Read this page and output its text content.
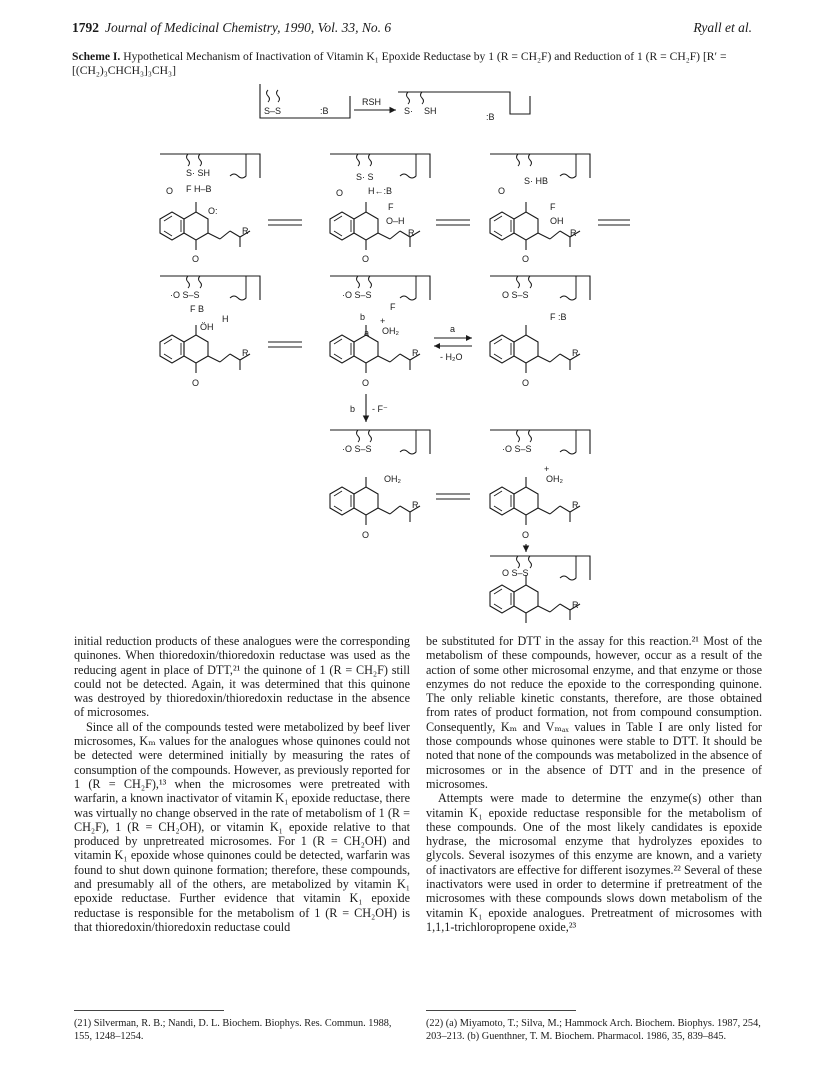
1792 Journal of Medicinal Chemistry, 1990, Vol. 33, No. 6	Ryall et al.
Scheme I. Hypothetical Mechanism of Inactivation of Vitamin K₁ Epoxide Reductase by 1 (R = CH₂F) and Reduction of 1 (R = CH₂F) [R′ = [(CH₂)₃CHCH₃]₃CH₃]
S–S	:B
RSH
S· SH
:B
S· SH
F H–B
O
O:
R
O
S· S
H←:B
O
F
O–H
R
O
S· HB
O
F
OH
R
O
·O S–S
F B
ÖH
H
R
O
·O S–S
F
b
a OH₂
+
R
O
a
- H₂O
O S–S
F :B
R
O
b - F⁻
·O S–S
OH₂
R
O
·O S–S
OH₂
+
R
O
O S–S
R

initial reduction products of these analogues were the corresponding quinones. When thioredoxin/thioredoxin reductase was used as the reducing agent in place of DTT,²¹ the quinone of 1 (R = CH₂F) still could not be detected. Again, it was determined that this quinone was destroyed by thioredoxin/thioredoxin reductase in the absence of microsomes.

Since all of the compounds tested were metabolized by beef liver microsomes, Kₘ values for the analogues whose quinones could not be detected were determined initially by measuring the rates of consumption of the compounds. However, as previously reported for 1 (R = CH₂F),¹³ when the microsomes were pretreated with warfarin, a known inactivator of vitamin K₁ epoxide reductase, there was virtually no change observed in the rate of metabolism of 1 (R = CH₂F), 1 (R = CH₂OH), or vitamin K₁ epoxide relative to that produced by unpretreated microsomes. For 1 (R = CH₂OH) and vitamin K₁ epoxide whose quinones could be detected, warfarin was found to shut down quinone formation; therefore, these compounds, and presumably all of the others, are metabolized by vitamin K₁ epoxide reductase. Further evidence that vitamin K₁ epoxide reductase is responsible for the metabolism of 1 (R = CH₂OH) is that thioredoxin/thioredoxin reductase could

be substituted for DTT in the assay for this reaction.²¹ Most of the metabolism of these compounds, however, occur as a result of the action of some other microsomal enzyme, and that enzyme or those enzymes do not reduce the epoxide to the corresponding quinone. The only reliable kinetic constants, therefore, are those obtained from rates of product formation, not from compound consumption. Consequently, Kₘ and Vₘₐₓ values in Table I are only listed for those compounds whose quinones were stable to DTT. It should be noted that none of the compounds was metabolized in the absence of microsomes or in the absence of DTT and in the presence of microsomes.

Attempts were made to determine the enzyme(s) other than vitamin K₁ epoxide reductase responsible for the metabolism of these compounds. One of the most likely candidates is epoxide hydrase, the microsomal enzyme that hydrolyzes epoxides to glycols. Several isozymes of this enzyme are known, and a variety of inactivators are effective for different isozymes.²² Several of these inactivators were used in order to determine if pretreatment of the microsomes with these compounds slows down metabolism of the vitamin K₁ epoxide analogues. Pretreatment of microsomes with 1,1,1-trichloropropene oxide,²³

(21) Silverman, R. B.; Nandi, D. L. Biochem. Biophys. Res. Commun. 1988, 155, 1248–1254.
(22) (a) Miyamoto, T.; Silva, M.; Hammock Arch. Biochem. Biophys. 1987, 254, 203–213. (b) Guenthner, T. M. Biochem. Pharmacol. 1986, 35, 839–845.
